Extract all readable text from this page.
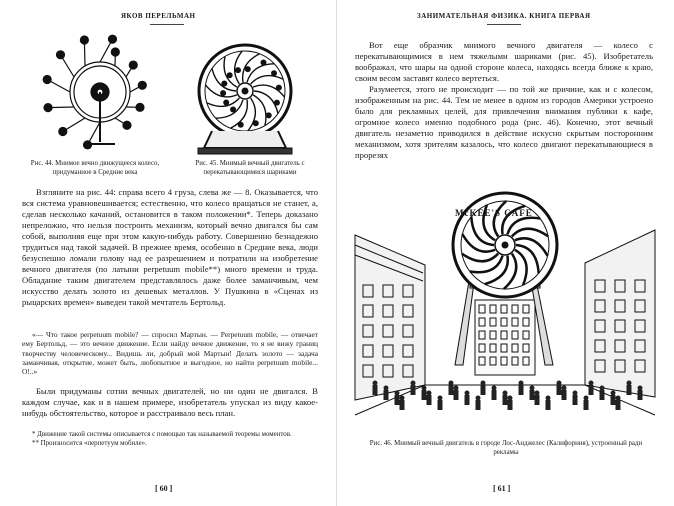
ЯКОВ ПЕРЕЛЬМАН
Рис. 44. Мнимое вечно движущееся колесо, придуманное в Средние века
Рис. 45. Мнимый вечный двигатель с перекатывающимися шариками

Взгляните на рис. 44: справа всего 4 груза, слева же — 8. Оказывается, что вся система уравновешивается; естественно, что колесо вращаться не станет, а, сделав несколько качаний, остановится в таком положении*. Теперь доказано непреложно, что нельзя построить механизм, который вечно двигался бы сам собой, выполняя еще при этом какую-нибудь работу. Совершенно безнадежно трудиться над такой задачей. В прежнее время, особенно в Средние века, люди безуспешно ломали голову над ее разрешением и потратили на изобретение вечного двигателя (по латыни perpetuum mobile**) много времени и труда. Обладание таким двигателем представлялось даже более заманчивым, чем искусство делать золото из дешевых металлов. У Пушкина в «Сценах из рыцарских времен» выведен такой мечтатель Бертольд.

«— Что такое perpetuum mobile? — спросил Мартын. — Perpetuum mobile, — отвечает ему Бертольд, — это вечное движение. Если найду вечное движение, то я не вижу границ творчеству человеческому... Видишь ли, добрый мой Мартын! Делать золото — задача заманчивая, открытие, может быть, любопытное и выгодное, но найти perpetuum mobile... О!..»

Были придуманы сотни вечных двигателей, но ни один не двигался. В каждом случае, как и в нашем примере, изобретатель упускал из виду какое-нибудь обстоятельство, которое и расстраивало весь план.

* Движение такой системы описывается с помощью так называемой теоремы моментов.

** Произносится «перпетуум мобиле».

[ 60 ]
ЗАНИМАТЕЛЬНАЯ ФИЗИКА. КНИГА ПЕРВАЯ

Вот еще образчик мнимого вечного двигателя — колесо с перекатывающимися в нем тяжелыми шариками (рис. 45). Изобретатель воображал, что шары на одной стороне колеса, находясь всегда ближе к краю, своим весом заставят колесо вертеться.

Разумеется, этого не происходит — по той же причине, как и с колесом, изображенным на рис. 44. Тем не менее в одном из городов Америки устроено было для рекламных целей, для привлечения внимания публики к кафе, огромное колесо именно подобного рода (рис. 46). Конечно, этот вечный двигатель незаметно приводился в действие искусно скрытым посторонним механизмом, хотя зрителям казалось, что колесо двигают перекатывающиеся в прорезях

McKEE'S CAFE
Рис. 46. Мнимый вечный двигатель в городе Лос-Анджелес (Калифорния), устроенный ради рекламы
[ 61 ]
